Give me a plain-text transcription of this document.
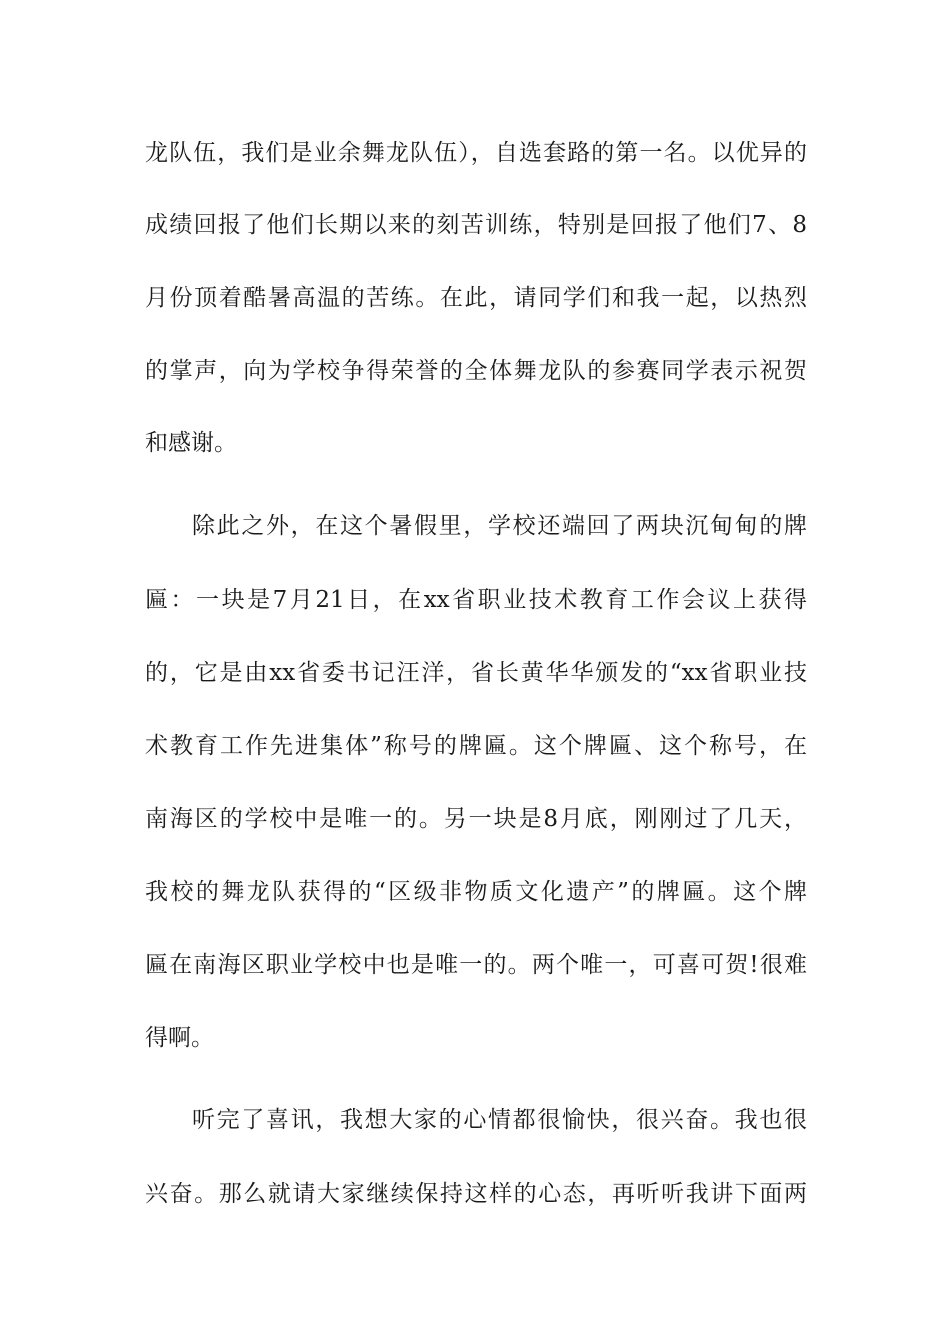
龙队伍，我们是业余舞龙队伍），自选套路的第一名。以优异的
成绩回报了他们长期以来的刻苦训练，特别是回报了他们7、8
月份顶着酷暑高温的苦练。在此，请同学们和我一起，以热烈
的掌声，向为学校争得荣誉的全体舞龙队的参赛同学表示祝贺
和感谢。
除此之外，在这个暑假里，学校还端回了两块沉甸甸的牌
匾：一块是7月21日，在xx省职业技术教育工作会议上获得
的，它是由xx省委书记汪洋，省长黄华华颁发的“xx省职业技
术教育工作先进集体”称号的牌匾。这个牌匾、这个称号，在
南海区的学校中是唯一的。另一块是8月底，刚刚过了几天，
我校的舞龙队获得的“区级非物质文化遗产”的牌匾。这个牌
匾在南海区职业学校中也是唯一的。两个唯一，可喜可贺!很难
得啊。
听完了喜讯，我想大家的心情都很愉快，很兴奋。我也很
兴奋。那么就请大家继续保持这样的心态，再听听我讲下面两
